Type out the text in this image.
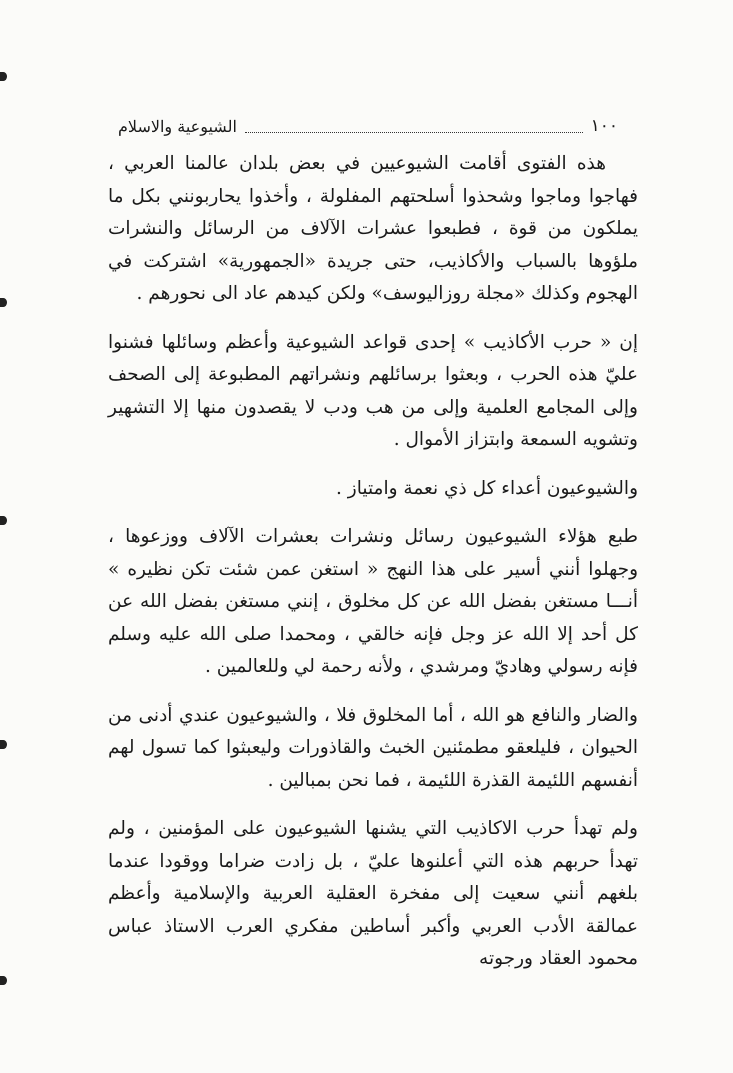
١٠٠
الشيوعية والاسلام

هذه الفتوى أقامت الشيوعيين في بعض بلدان عالمنا العربي ، فهاجوا وماجوا وشحذوا أسلحتهم المفلولة ، وأخذوا يحاربونني بكل ما يملكون من قوة ، فطبعوا عشرات الآلاف من الرسائل والنشرات ملؤوها بالسباب والأكاذيب، حتى جريدة «الجمهورية» اشتركت في الهجوم وكذلك «مجلة روزاليوسف» ولكن كيدهم عاد الى نحورهم .

إن « حرب الأكاذيب » إحدى قواعد الشيوعية وأعظم وسائلها فشنوا عليّ هذه الحرب ، وبعثوا برسائلهم ونشراتهم المطبوعة إلى الصحف وإلى المجامع العلمية وإلى من هب ودب لا يقصدون منها إلا التشهير وتشويه السمعة وابتزاز الأموال .

والشيوعيون أعداء كل ذي نعمة وامتياز .

طبع هؤلاء الشيوعيون رسائل ونشرات بعشرات الآلاف ووزعوها ، وجهلوا أنني أسير على هذا النهج « استغن عمن شئت تكن نظيره » أنـــا مستغن بفضل الله عن كل مخلوق ، إنني مستغن بفضل الله عن كل أحد إلا الله عز وجل فإنه خالقي ، ومحمدا صلى الله عليه وسلم فإنه رسولي وهاديّ ومرشدي ، ولأنه رحمة لي وللعالمين .

والضار والنافع هو الله ، أما المخلوق فلا ، والشيوعيون عندي أدنى من الحيوان ، فليلعقو مطمئنين الخبث والقاذورات وليعبثوا كما تسول لهم أنفسهم اللئيمة القذرة اللئيمة ، فما نحن بمبالين .

ولم تهدأ حرب الاكاذيب التي يشنها الشيوعيون على المؤمنين ، ولم تهدأ حربهم هذه التي أعلنوها عليّ ، بل زادت ضراما ووقودا عندما بلغهم أنني سعيت إلى مفخرة العقلية العربية والإسلامية وأعظم عمالقة الأدب العربي وأكبر أساطين مفكري العرب الاستاذ عباس محمود العقاد ورجوته
